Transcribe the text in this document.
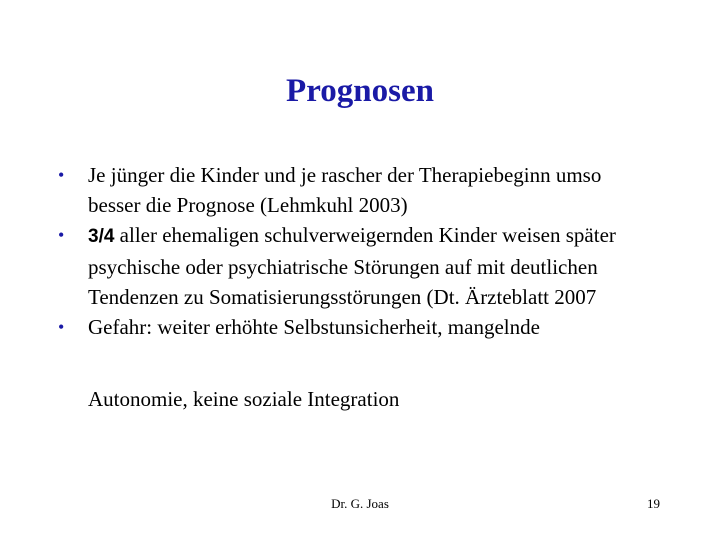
Prognosen
• Je jünger die Kinder und je rascher der Therapiebeginn umso besser die Prognose (Lehmkuhl 2003)
• 3/4 aller ehemaligen schulverweigernden Kinder weisen später psychische oder psychiatrische Störungen auf mit deutlichen Tendenzen zu Somatisierungsstörungen (Dt. Ärzteblatt 2007
• Gefahr: weiter erhöhte Selbstunsicherheit, mangelnde
Autonomie, keine soziale Integration
Dr. G. Joas	19
